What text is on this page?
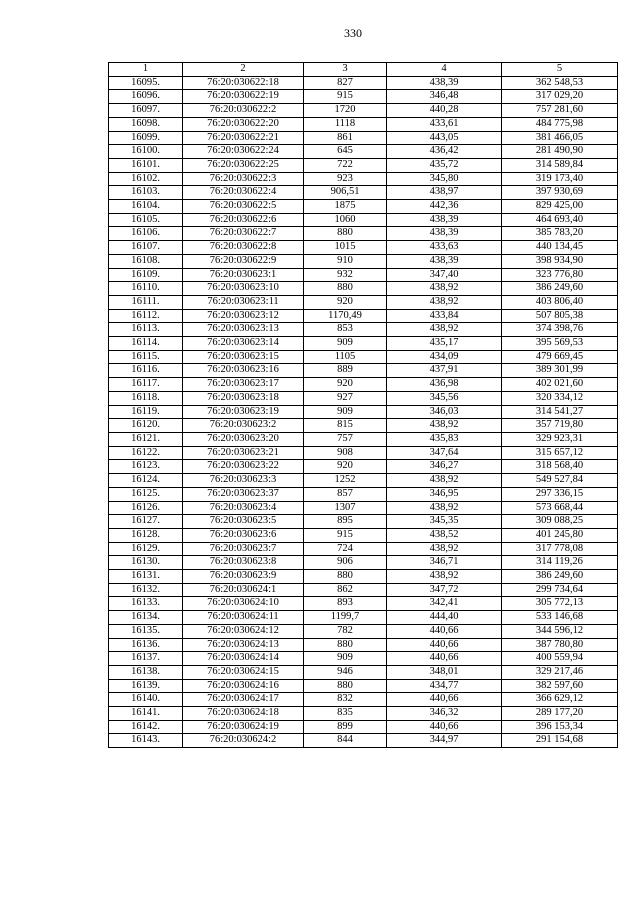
330
1	2	3	4	5
16095.	76:20:030622:18	827	438,39	362 548,53
16096.	76:20:030622:19	915	346,48	317 029,20
16097.	76:20:030622:2	1720	440,28	757 281,60
16098.	76:20:030622:20	1118	433,61	484 775,98
16099.	76:20:030622:21	861	443,05	381 466,05
16100.	76:20:030622:24	645	436,42	281 490,90
16101.	76:20:030622:25	722	435,72	314 589,84
16102.	76:20:030622:3	923	345,80	319 173,40
16103.	76:20:030622:4	906,51	438,97	397 930,69
16104.	76:20:030622:5	1875	442,36	829 425,00
16105.	76:20:030622:6	1060	438,39	464 693,40
16106.	76:20:030622:7	880	438,39	385 783,20
16107.	76:20:030622:8	1015	433,63	440 134,45
16108.	76:20:030622:9	910	438,39	398 934,90
16109.	76:20:030623:1	932	347,40	323 776,80
16110.	76:20:030623:10	880	438,92	386 249,60
16111.	76:20:030623:11	920	438,92	403 806,40
16112.	76:20:030623:12	1170,49	433,84	507 805,38
16113.	76:20:030623:13	853	438,92	374 398,76
16114.	76:20:030623:14	909	435,17	395 569,53
16115.	76:20:030623:15	1105	434,09	479 669,45
16116.	76:20:030623:16	889	437,91	389 301,99
16117.	76:20:030623:17	920	436,98	402 021,60
16118.	76:20:030623:18	927	345,56	320 334,12
16119.	76:20:030623:19	909	346,03	314 541,27
16120.	76:20:030623:2	815	438,92	357 719,80
16121.	76:20:030623:20	757	435,83	329 923,31
16122.	76:20:030623:21	908	347,64	315 657,12
16123.	76:20:030623:22	920	346,27	318 568,40
16124.	76:20:030623:3	1252	438,92	549 527,84
16125.	76:20:030623:37	857	346,95	297 336,15
16126.	76:20:030623:4	1307	438,92	573 668,44
16127.	76:20:030623:5	895	345,35	309 088,25
16128.	76:20:030623:6	915	438,52	401 245,80
16129.	76:20:030623:7	724	438,92	317 778,08
16130.	76:20:030623:8	906	346,71	314 119,26
16131.	76:20:030623:9	880	438,92	386 249,60
16132.	76:20:030624:1	862	347,72	299 734,64
16133.	76:20:030624:10	893	342,41	305 772,13
16134.	76:20:030624:11	1199,7	444,40	533 146,68
16135.	76:20:030624:12	782	440,66	344 596,12
16136.	76:20:030624:13	880	440,66	387 780,80
16137.	76:20:030624:14	909	440,66	400 559,94
16138.	76:20:030624:15	946	348,01	329 217,46
16139.	76:20:030624:16	880	434,77	382 597,60
16140.	76:20:030624:17	832	440,66	366 629,12
16141.	76:20:030624:18	835	346,32	289 177,20
16142.	76:20:030624:19	899	440,66	396 153,34
16143.	76:20:030624:2	844	344,97	291 154,68
